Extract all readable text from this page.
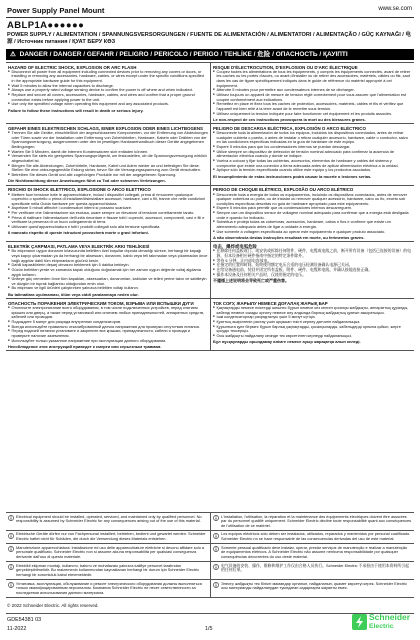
Power Supply Panel Mount	www.se.com
ABLP1A●●●●●●
POWER SUPPLY / ALIMENTATION / SPANNUNGSVERSORGUNGEN / FUENTE DE ALIMENTACIÓN / ALIMENTATORI / ALIMENTAÇÃO / GÜÇ KAYNAĞI / 电源 / Источник питания / ҚУАТ БЕРУ КӨЗ
⚠ DANGER / DANGER / GEFAHR / PELIGRO / PERICOLO / PERIGO / TEHLİKE / 危险 / ОПАСНОСТЬ / ҚАУІПТІ
HAZARD OF ELECTRIC SHOCK, EXPLOSION OR ARC FLASH
■ Disconnect all power from all equipment including connected devices prior to removing any covers or doors, or installing or removing any accessories, hardware, cables, or wires except under the specific conditions specified in the appropriate hardware guide for this equipment.
■ Wait 5 minutes to allow the internal capacitors to discharge.
■ Always use a properly rated voltage sensing device to confirm the power is off where and when indicated.
■ Replace and secure all covers, accessories, hardware, cables, and wires and confirm that a proper ground connection exists before applying power to the unit.
■ Use only the specified voltage when operating this equipment and any associated products.
Failure to follow these instructions will result in death or serious injury.
RISQUE D'ÉLECTROCUTION, D'EXPLOSION OU D'ARC ÉLECTRIQUE
■ Coupez toutes les alimentations de tous les équipements, y compris les équipements connectés, avant de retirer les caches ou les portes d'accès, ou avant d'installer ou de retirer des accessoires, matériels, câbles ou fils, sauf dans les cas de figure spécifiquement indiqués dans le guide de référence du matériel approprié à cet équipement.
■ Attendre 5 minutes pour permettre aux condensateurs internes de se décharger.
■ Utilisez toujours un appareil de mesure de tension réglé correctement pour vous assurer que l'alimentation est coupée conformément aux indications.
■ Remettez en place et fixez tous les caches de protection, accessoires, matériels, câbles et fils et vérifiez que l'appareil est bien relié à la terre avant de le remettre sous tension.
■ Utilisez uniquement la tension indiquée pour faire fonctionner cet équipement et les produits associés.
Le non-respect de ces instructions provoquera la mort ou des blessures graves.
GEFAHR EINES ELEKTRISCHEN SCHLAGS, EINER EXPLOSION ODER EINES LICHTBOGENS
■ Trennen Sie alle Geräte, einschließlich der angeschlossenen Komponenten, vor der Entfernung von Abdeckungen oder Türen sowie vor der Installation oder Entfernung von Zubehörteilen, Hardware, Kabeln oder Drähten von der Spannungsversorgung, ausgenommen unter den im jeweiligen Hardwarehandbuch dieser Geräte angegebenen Bedingungen.
■ Warten Sie 5 Minuten, damit die internen Kondensatoren sich entladen können.
■ Verwenden Sie stets ein geeignetes Spannungsprüfgerät, um festzustellen, ob die Spannungsversorgung wirklich abgeschaltet ist.
■ Bringen Sie alle Abdeckungen, Zubehörteile, Hardware, Kabel und Adern wieder an und befestigen Sie diese. Stellen Sie eine ordnungsgemäße Erdung sicher, bevor Sie die Versorgungsspannung zum Gerät einschalten.
■ Betreiben Sie dieses Gerät und alle zugehörigen Produkte nur mit der angegebenen Spannung.
Die Nichtbeachtung dieser Anweisungen führt zu Tod oder schweren Verletzungen.
PELIGRO DE DESCARGA ELÉCTRICA, EXPLOSIÓN O ARCO ELÉCTRICO
■ Desconecte toda la alimentación de todos los equipos, incluidos los dispositivos conectados, antes de retirar cualquier cubierta o puerta, o antes de instalar o retirar cualquier accesorio, hardware, cable o conductor, salvo en las condiciones específicas indicadas en la guía de hardware de este equipo.
■ Espere 5 minutos para que los condensadores internos se puedan descargar.
■ Utilice siempre un dispositivo de detección de tensión nominal adecuado para confirmar la ausencia de alimentación eléctrica cuando y donde se indique.
■ Vuelva a colocar y fijar todas las cubiertas, accesorios, elementos de hardware y cables del sistema y compruebe que existe una conexión a tierra adecuada antes de aplicar alimentación eléctrica a la unidad.
■ Aplique sólo la tensión especificada cuando utilice este equipo y los productos asociados.
El incumplimiento de estas instrucciones podrá causar la muerte o lesiones serias.
RISCHIO DI SHOCK ELETTRICO, ESPLOSIONE O ARCO ELETTRICO
■ Mettere fuori tensione tutte le apparecchiature, inclusi i dispositivi collegati, prima di rimuovere qualunque coperchio o sportello o prima di installare/disinstallare accessori, hardware, cavi o fili, tranne che nelle condizioni specificate nella Guida hardware per questa apparecchiatura.
■ Aspettare 5 minuti affinché i condensatori interni si possano scaricare.
■ Per verificare che l'alimentazione sia esclusa, usare sempre un rilevatore di tensione correttamente tarato.
■ Prima di riattivare l'alimentazione dell'unità rimontare e fissare tutti i coperchi, accessori, componenti, cavi e fili e verificare la presenza di un buon collegamento di terra.
■ Utilizzare quest'apparecchiatura e tutti i prodotti collegati solo alla tensione specificata.
Il mancato rispetto di queste istruzioni provocherà morte o gravi infortuni.
PERIGO DE CHOQUE ELÉTRICO, EXPLOSÃO OU ARCO ELÉTRICO
■ Desconecte toda a energia de todos os equipamentos, incluindo os dispositivos conectados, antes de remover qualquer cobertura ou porta, ou de instalar ou remover qualquer acessório, hardware, cabo ou fio, exceto sob condições específicas descritas no guia de hardware apropriado para este equipamento.
■ Espere 5 minutos para permitir que os condensadores internos descarreguem.
■ Sempre use um dispositivo sensor de voltagem nominal adequado para confirmar que a energia está desligada onde e quando for indicado.
■ Substitua e proteja todas as coberturas, acessórios, hardware, cabos e fios e confirme que existe um aterramento adequado antes de ligar a unidade à energia.
■ Use somente a voltagem especificada ao operar este equipamento e qualquer produto associado.
A não observância destas instruções resultará em morte, ou ferimentos graves.
ELEKTRİK ÇARPMASI, PATLAMA VEYA ELEKTRİK ARKI TEHLİKESİ
■ Bu ekipmanın uygun donanım kılavuzunda belirtilen özel koşullar dışında olmadığı sürece, herhangi bir kapağı veya kapıyı çıkarmadan ya da herhangi bir aksesuarı, donanımı, kablo veya teli takımadan veya çıkarmadan önce bağlı aygıtlar dahil tüm ekipmanların gücünü kesin.
■ Dahili kapasitörlerin deşarj olmasını beklemek için 5 dakika bekleyin.
■ Gücün belirtilen yerde ve zamanda kapalı olduğunu doğrulamak için her zaman uygun değerde voltaj algılama aygıtı kullanın.
■ Üniteye güç vermeden önce tüm kapakları, aksesuarları, donanımları, kabloları ve telleri yerine takın ve sabitleyin ve düzgün bir toprak bağlantısı olduğundan emin olun.
■ Bu ekipmanı ve ilgili ürünleri çalıştırırken yalnızca belirtilen voltajı kullanın.
Bu talimatlara uyulmaması, ölüm veya ciddi yaralanmaya neden olur.
电击、爆炸或电弧危险
■ 在移除任何盖板或门、或安装或拆除任何附件、硬件、电缆或电线之前，断开所有设备（包括已连接的设备）的电源，但本设备相应硬件指南中指定的特定条件除外。
■ 等待 5 分钟，让内部电容放电。
■ 在指定的位置和时间，始终使用额定电压合适的电压检测设备确认电源已关闭。
■ 在给设备通电前，装回并固定所有盖板、附件、硬件、电缆和电线，并确认接地连接正确。
■ 操作本设备及任何相关产品时，仅使用指定的电压。
不遵循上述说明将会导致死亡或严重伤害。
ОПАСНОСТЬ ПОРАЖЕНИЯ ЭЛЕКТРИЧЕСКИМ ТОКОМ, ВЗРЫВА ИЛИ ВСПЫШКИ ДУГИ
■ Отключите электропитание всего оборудования, в том числе подключенных устройств, перед снятием крышек или дверц, а также перед установкой или снятием любых принадлежностей, аппаратных средств, кабелей или проводов.
■ Подождите 5 минут для разряда внутренних конденсаторов.
■ Всегда используйте правильно откалиброванный датчик напряжения для проверки отсутствия питания.
■ Перед подачей питания установите и закрепите все крышки, принадлежности, кабели и провода и проверьте наличие заземления.
■ Используйте только указанное напряжение при эксплуатации данного оборудования.
Несоблюдение этих инструкций приведет к смерти или серьезным травмам.
ТОК СОҒУ, ЖАРЫЛУ НЕМЕСЕ ДОҒАЛАҚ ЖАРЫҚ БАР
■ Қақпақтарды немесе есіктерді шешпес бұрын немесе кез келген қосалқы жабдықты, аппараттық құралды, кабелді немесе сымды орнату немесе алу алдында барлық жабдықтың қуатын ажыратыңыз.
■ Ішкі конденсаторлар разрядталуы үшін 5 минут күтіңіз.
■ Қуаттың өшірілгенін растау үшін әрқашан тиісті кернеу датчигін пайдаланыңыз.
■ Құрылғыға қуат бермес бұрын барлық қақпақтарды, қосалқыларды, кабельдерді орнына қойып, жерге қосуды тексеріңіз.
■ Осы жабдықты пайдалану кезінде тек көрсетілген кернеуді пайдаланыңыз.
Бұл нұсқауларды орындамау өлімге немесе ауыр жарақатқа алып келеді.
Electrical equipment should be installed, operated, serviced, and maintained only by qualified personnel. No responsibility is assumed by Schneider Electric for any consequences arising out of the use of this material.
L'installation, l'utilisation, la réparation et la maintenance des équipements électriques doivent être assurées par du personnel qualifié uniquement. Schneider Electric décline toute responsabilité quant aux conséquences de l'utilisation de ce matériel.
Elektrische Geräte dürfen nur von Fachpersonal installiert, betrieben, bedient und gewartet werden. Schneider Electric haftet nicht für Schäden, die durch die Verwendung dieses Materials entstehen.
Los equipos eléctricos sólo deben ser instalados, utilizados, reparados y mantenidos por personal cualificado. Schneider Electric no se hace responsable de las consecuencias derivadas del uso de este material.
Manutenzione apparecchiatura: installazione ed uso delle apparecchiature elettriche si devono affidare solo a personale qualificato. Schneider Electric non si assume alcuna responsabilità per qualsiasi conseguenza derivante dall'uso di questo materiale.
Somente pessoal qualificado deve instalar, operar, prestar serviços de manutenção e realizar a manutenção de equipamentos elétricos. A Schneider Electric não assume nenhuma responsabilidade por quaisquer consequências decorrentes do uso deste material.
Elektrikli ekipman montajı, kullanımı, bakımı ve muhafazası yalnızca kalifiye personel tarafından gerçekleştirilmelidir. Bu malzemenin kullanımından kaynaklanan herhangi bir durum için Schneider Electric herhangi bir sorumluluk kabul etmemektedir.
电气设备的安装、操作、维修和维护工作仅由合格人员执行。Schneider Electric 不承担由于使用本资料所引起的任何后果。
Установка, эксплуатация, обслуживание и ремонт электрического оборудования должны выполняться только квалифицированным персоналом. Компания Schneider Electric не несет ответственности за последствия использования данного материала.
Электр жабдықты тек білікті мамандар орнатып, пайдаланып, қызмет көрсетуі керек. Schneider Electric осы материалды пайдаланудан туындаған садарларға жауапты емес.
© 2022 Schneider Electric. All rights reserved.
GDE54381 03
11-2022	1/5
Schneider
Electric
